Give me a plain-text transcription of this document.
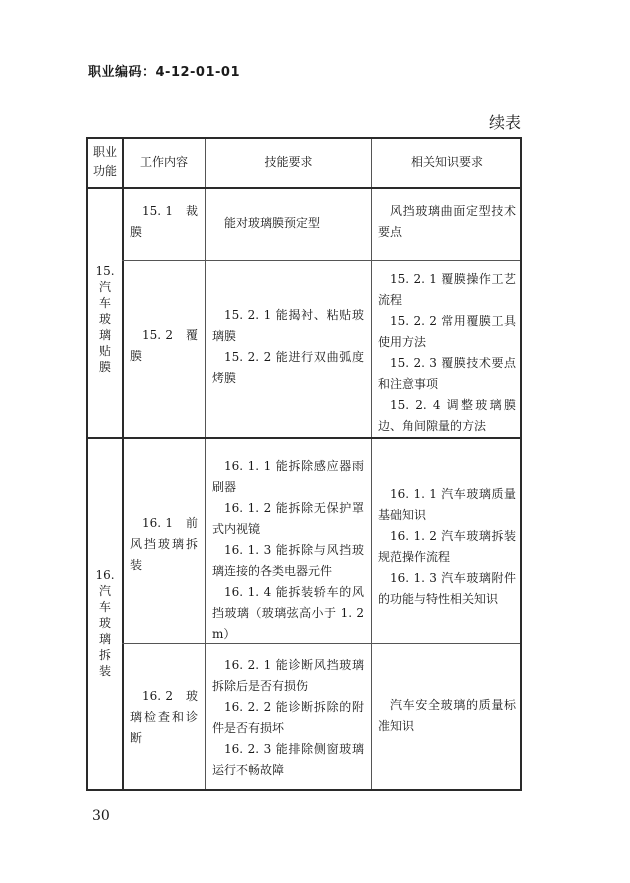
职业编码：4-12-01-01
续表
职业功能
工作内容	技能要求	相关知识要求
15.
汽
车
玻
璃
贴
膜

15. 1　裁膜

能对玻璃膜预定型

风挡玻璃曲面定型技术要点

15. 2　覆膜

15. 2. 1 能揭衬、粘贴玻璃膜

15. 2. 2 能进行双曲弧度烤膜

15. 2. 1 覆膜操作工艺流程

15. 2. 2 常用覆膜工具使用方法

15. 2. 3 覆膜技术要点和注意事项

15. 2. 4 调整玻璃膜边、角间隙量的方法

16.
汽
车
玻
璃
拆
装

16. 1　前风挡玻璃拆装

16. 1. 1 能拆除感应器雨刷器

16. 1. 2 能拆除无保护罩式内视镜

16. 1. 3 能拆除与风挡玻璃连接的各类电器元件

16. 1. 4 能拆装轿车的风挡玻璃（玻璃弦高小于 1. 2 m）

16. 1. 1 汽车玻璃质量基础知识

16. 1. 2 汽车玻璃拆装规范操作流程

16. 1. 3 汽车玻璃附件的功能与特性相关知识

16. 2　玻璃检查和诊断

16. 2. 1 能诊断风挡玻璃拆除后是否有损伤

16. 2. 2 能诊断拆除的附件是否有损坏

16. 2. 3 能排除侧窗玻璃运行不畅故障

汽车安全玻璃的质量标准知识

30
